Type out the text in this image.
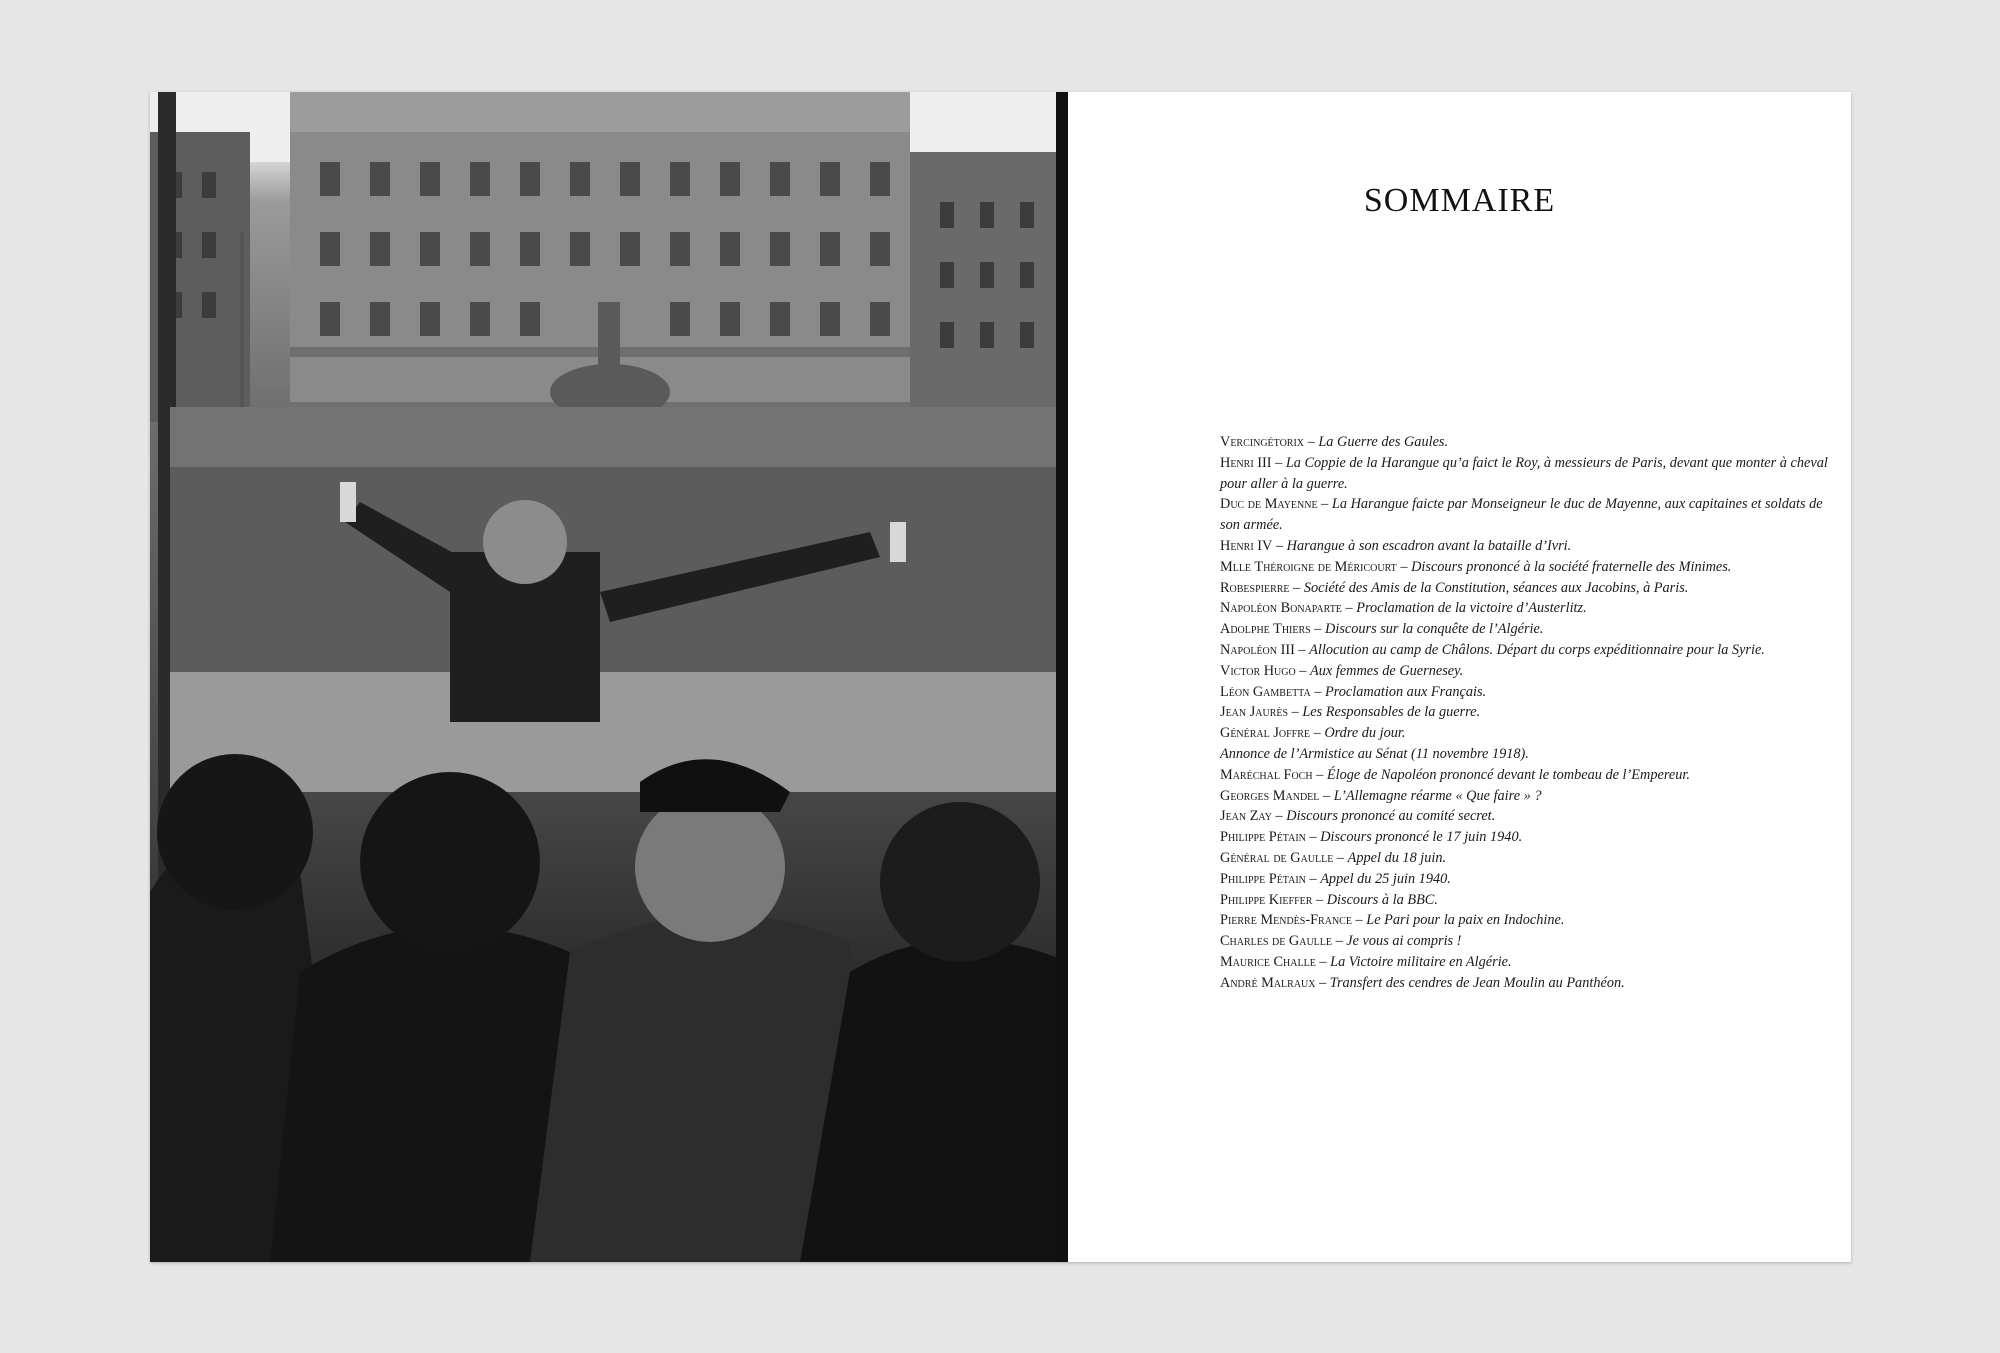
SOMMAIRE
Vercingétorix – La Guerre des Gaules.
Henri III – La Coppie de la Harangue qu’a faict le Roy, à messieurs de Paris, devant que monter à cheval pour aller à la guerre.
Duc de Mayenne – La Harangue faicte par Monseigneur le duc de Mayenne, aux capitaines et soldats de son armée.
Henri IV – Harangue à son escadron avant la bataille d’Ivri.
Mlle Théroigne de Méricourt – Discours prononcé à la société fraternelle des Minimes.
Robespierre – Société des Amis de la Constitution, séances aux Jacobins, à Paris.
Napoléon Bonaparte – Proclamation de la victoire d’Austerlitz.
Adolphe Thiers – Discours sur la conquête de l’Algérie.
Napoléon III – Allocution au camp de Châlons. Départ du corps expéditionnaire pour la Syrie.
Victor Hugo – Aux femmes de Guernesey.
Léon Gambetta – Proclamation aux Français.
Jean Jaurès – Les Responsables de la guerre.
Général Joffre – Ordre du jour.
Annonce de l’Armistice au Sénat (11 novembre 1918).
Maréchal Foch – Éloge de Napoléon prononcé devant le tombeau de l’Empereur.
Georges Mandel – L’Allemagne réarme « Que faire » ?
Jean Zay – Discours prononcé au comité secret.
Philippe Pétain – Discours prononcé le 17 juin 1940.
Général de Gaulle – Appel du 18 juin.
Philippe Pétain – Appel du 25 juin 1940.
Philippe Kieffer – Discours à la BBC.
Pierre Mendès-France – Le Pari pour la paix en Indochine.
Charles de Gaulle – Je vous ai compris !
Maurice Challe – La Victoire militaire en Algérie.
André Malraux – Transfert des cendres de Jean Moulin au Panthéon.
